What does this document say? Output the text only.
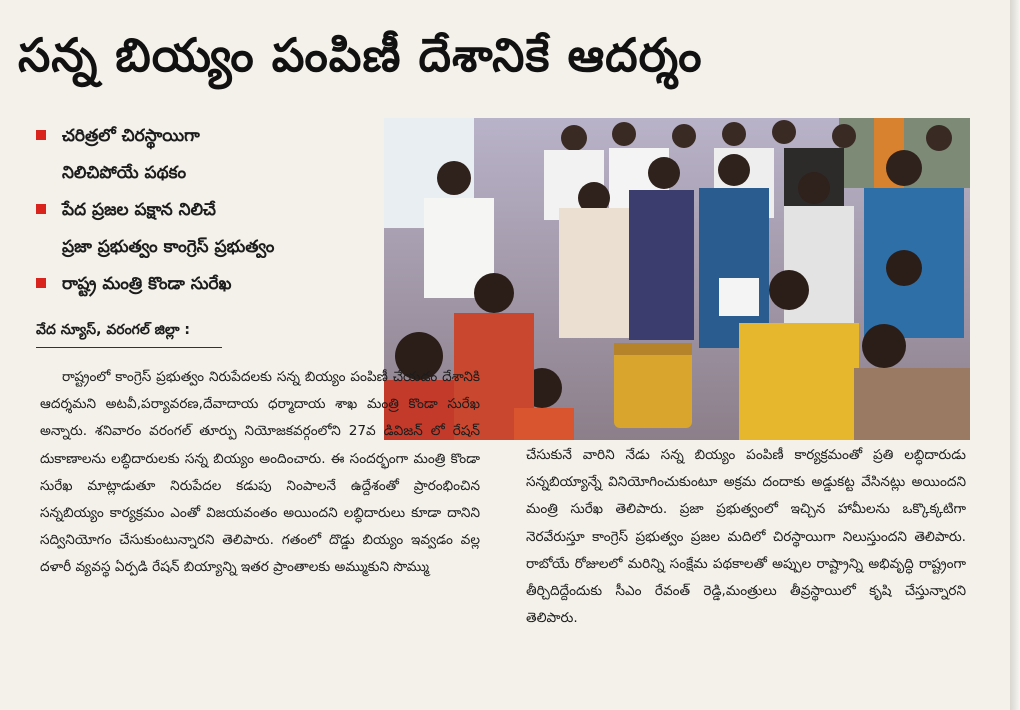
సన్న బియ్యం పంపిణీ దేశానికే ఆదర్శం
చరిత్రలో చిరస్థాయిగా
నిలిచిపోయే పథకం
పేద ప్రజల పక్షాన నిలిచే
ప్రజా ప్రభుత్వం కాంగ్రెస్ ప్రభుత్వం
రాష్ట్ర మంత్రి కొండా సురేఖ
వేద న్యూస్, వరంగల్ జిల్లా :
రాష్ట్రంలో కాంగ్రెస్ ప్రభుత్వం నిరుపేదలకు సన్న బియ్యం పంపిణీ చేయడం దేశానికి ఆదర్శమని అటవీ,పర్యావరణ,దేవాదాయ ధర్మాదాయ శాఖ మంత్రి కొండా సురేఖ అన్నారు. శనివారం వరంగల్ తూర్పు నియోజకవర్గంలోని 27వ డివిజన్ లో రేషన్ దుకాణాలను లబ్ధిదారులకు సన్న బియ్యం అందించారు. ఈ సందర్భంగా మంత్రి కొండా సురేఖ మాట్లాడుతూ నిరుపేదల కడుపు నింపాలనే ఉద్దేశంతో ప్రారంభించిన సన్నబియ్యం కార్యక్రమం ఎంతో విజయవంతం అయిందని లబ్ధిదారులు కూడా దానిని సద్వినియోగం చేసుకుంటున్నారని తెలిపారు. గతంలో దొడ్డు బియ్యం ఇవ్వడం వల్ల దళారీ వ్యవస్థ ఏర్పడి రేషన్ బియ్యాన్ని ఇతర ప్రాంతాలకు అమ్ముకుని సొమ్ము
చేసుకునే వారిని నేడు సన్న బియ్యం పంపిణీ కార్యక్రమంతో ప్రతి లబ్ధిదారుడు సన్నబియ్యాన్నే వినియోగించుకుంటూ అక్రమ దందాకు అడ్డుకట్ట వేసినట్లు అయిందని మంత్రి సురేఖ తెలిపారు. ప్రజా ప్రభుత్వంలో ఇచ్చిన హామీలను ఒక్కొక్కటిగా నెరవేరుస్తూ కాంగ్రెస్ ప్రభుత్వం ప్రజల మదిలో చిరస్థాయిగా నిలుస్తుందని తెలిపారు. రాబోయే రోజులలో మరిన్ని సంక్షేమ పథకాలతో అప్పుల రాష్ట్రాన్ని అభివృద్ధి రాష్ట్రంగా తీర్చిదిద్దేందుకు సీఎం రేవంత్ రెడ్డి,మంత్రులు తీవ్రస్థాయిలో కృషి చేస్తున్నారని తెలిపారు.
